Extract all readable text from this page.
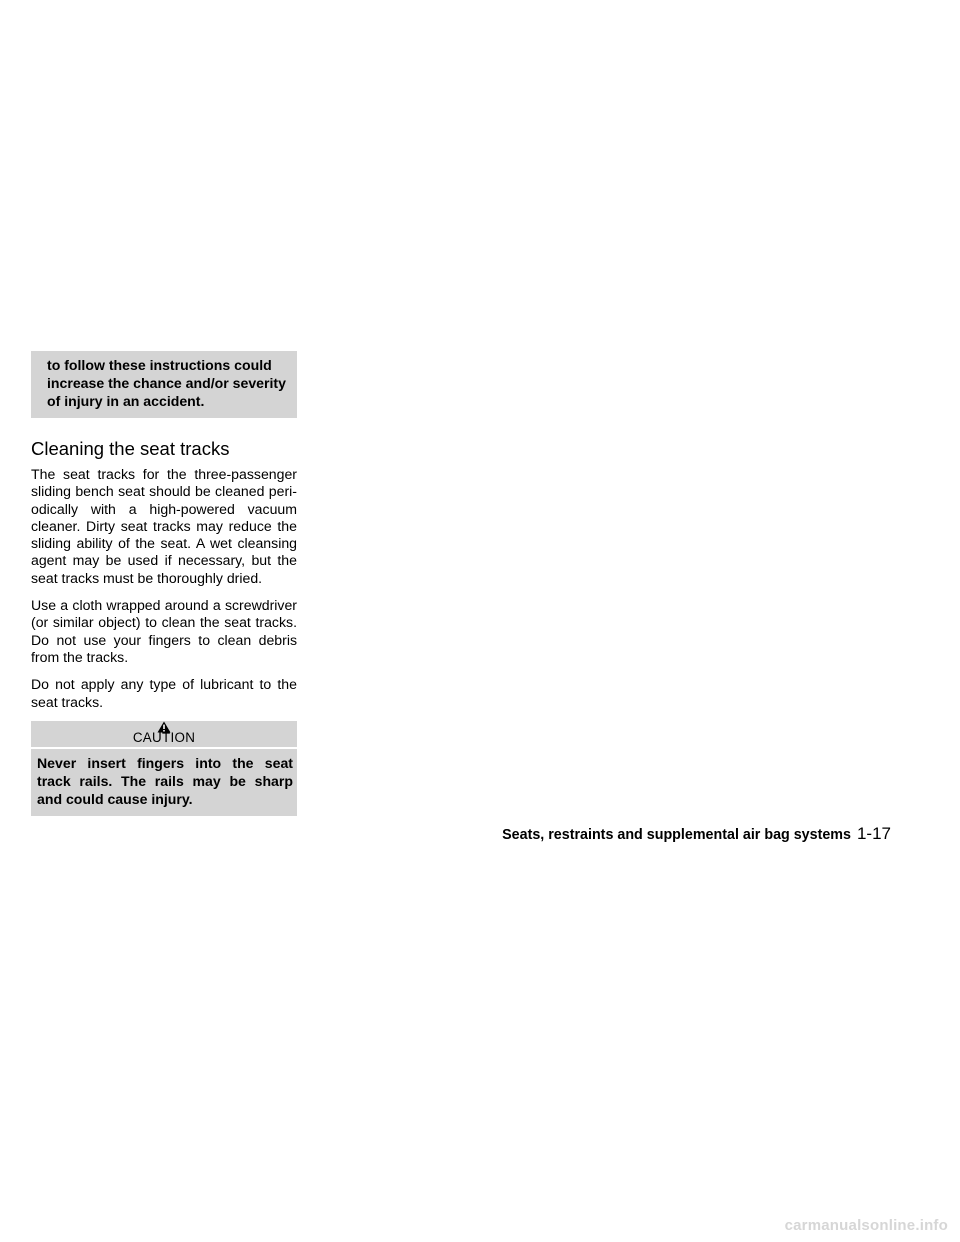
to follow these instructions could
increase the chance and/or severity
of injury in an accident.
Cleaning the seat tracks

The seat tracks for the three-passenger sliding bench seat should be cleaned peri- odically with a high-powered vacuum cleaner. Dirty seat tracks may reduce the sliding ability of the seat. A wet cleansing agent may be used if necessary, but the seat tracks must be thoroughly dried.

Use a cloth wrapped around a screwdriver (or similar object) to clean the seat tracks. Do not use your fingers to clean debris from the tracks.

Do not apply any type of lubricant to the seat tracks.

CAUTION
Never insert fingers into the seat track rails. The rails may be sharp and could cause injury.
Seats, restraints and supplemental air bag systems 1-17
carmanualsonline.info
